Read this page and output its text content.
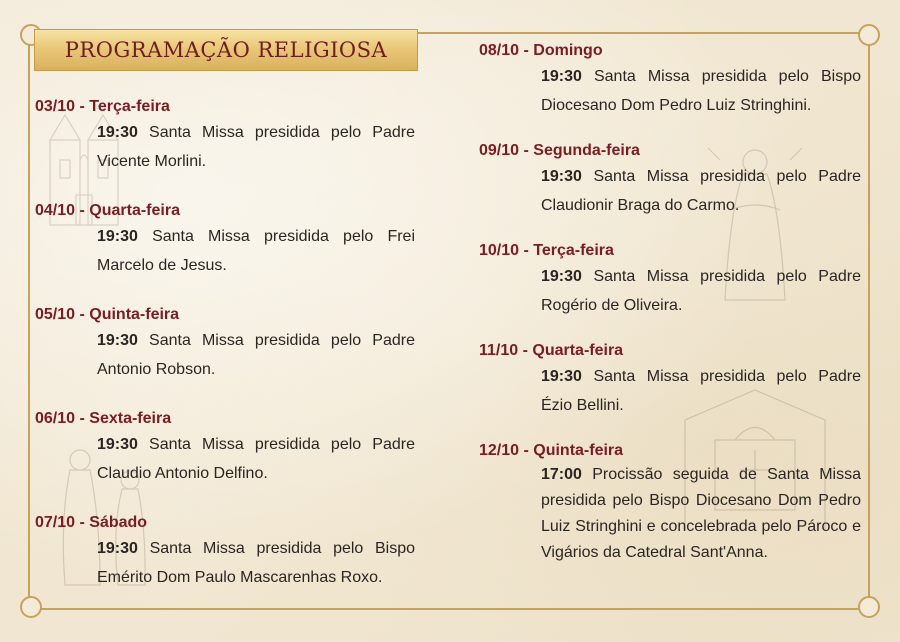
PROGRAMAÇÃO RELIGIOSA
03/10 - Terça-feira
19:30 Santa Missa presidida pelo Padre Vicente Morlini.
04/10 - Quarta-feira
19:30 Santa Missa presidida pelo Frei Marcelo de Jesus.
05/10 - Quinta-feira
19:30 Santa Missa presidida pelo Padre Antonio Robson.
06/10 - Sexta-feira
19:30 Santa Missa presidida pelo Padre Claudio Antonio Delfino.
07/10 - Sábado
19:30 Santa Missa presidida pelo Bispo Emérito Dom Paulo Mascarenhas Roxo.
08/10 - Domingo
19:30 Santa Missa presidida pelo Bispo Diocesano Dom Pedro Luiz Stringhini.
09/10 - Segunda-feira
19:30 Santa Missa presidida pelo Padre Claudionir Braga do Carmo.
10/10 - Terça-feira
19:30 Santa Missa presidida pelo Padre Rogério de Oliveira.
11/10 - Quarta-feira
19:30 Santa Missa presidida pelo Padre Ézio Bellini.
12/10 - Quinta-feira
17:00 Procissão seguida de Santa Missa presidida pelo Bispo Diocesano Dom Pedro Luiz Stringhini e concelebrada pelo Pároco e Vigários da Catedral Sant'Anna.
